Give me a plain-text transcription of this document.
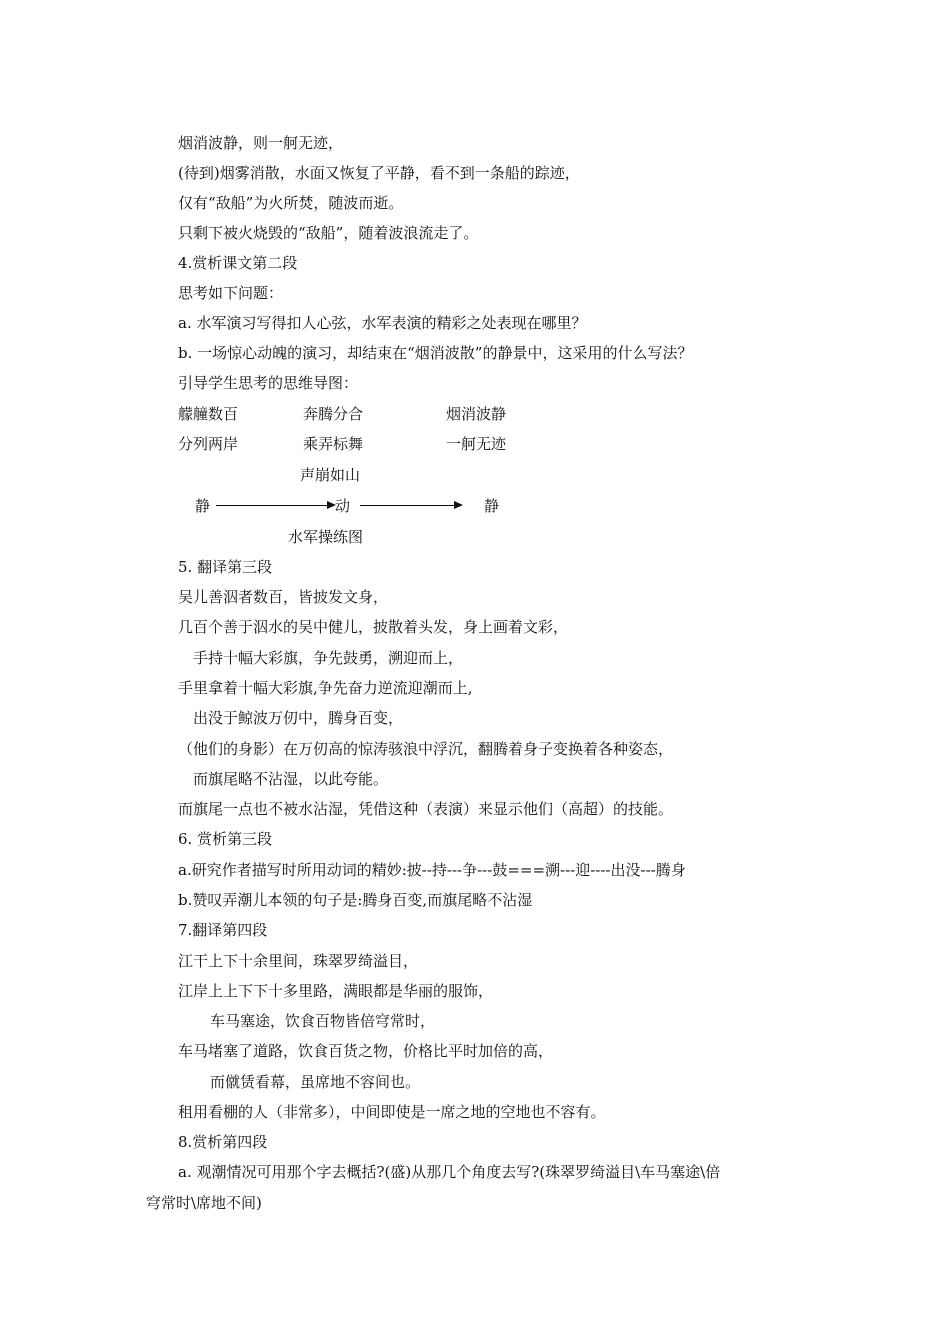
烟消波静，则一舸无迹，
(待到)烟雾消散，水面又恢复了平静，看不到一条船的踪迹，
仅有“敌船”为火所焚，随波而逝。
只剩下被火烧毁的“敌船”，随着波浪流走了。
4.赏析课文第二段
思考如下问题：
a. 水军演习写得扣人心弦，水军表演的精彩之处表现在哪里？
b. 一场惊心动魄的演习，却结束在“烟消波散”的静景中，这采用的什么写法？
引导学生思考的思维导图：
艨艟数百	奔腾分合	烟消波静
分列两岸	乘弄标舞	一舸无迹
声崩如山
静	动	静
水军操练图
5. 翻译第三段
吴儿善泅者数百，皆披发文身，
几百个善于泅水的吴中健儿，披散着头发，身上画着文彩，
手持十幅大彩旗，争先鼓勇，溯迎而上，
手里拿着十幅大彩旗,争先奋力逆流迎潮而上,
出没于鲸波万仞中，腾身百变，
（他们的身影）在万仞高的惊涛骇浪中浮沉，翻腾着身子变换着各种姿态，
而旗尾略不沾湿，以此夸能。
而旗尾一点也不被水沾湿，凭借这种（表演）来显示他们（高超）的技能。
6. 赏析第三段
a.研究作者描写时所用动词的精妙:披--持---争---鼓===溯---迎----出没---腾身
b.赞叹弄潮儿本领的句子是:腾身百变,而旗尾略不沾湿
7.翻译第四段
江干上下十余里间，珠翠罗绮溢目，
江岸上上下下十多里路，满眼都是华丽的服饰，
车马塞途，饮食百物皆倍穹常时，
车马堵塞了道路，饮食百货之物，价格比平时加倍的高，
而僦赁看幕，虽席地不容间也。
租用看棚的人（非常多），中间即使是一席之地的空地也不容有。
8.赏析第四段
a. 观潮情况可用那个字去概括?(盛)从那几个角度去写?(珠翠罗绮溢目\车马塞途\倍
穹常时\席地不间)
